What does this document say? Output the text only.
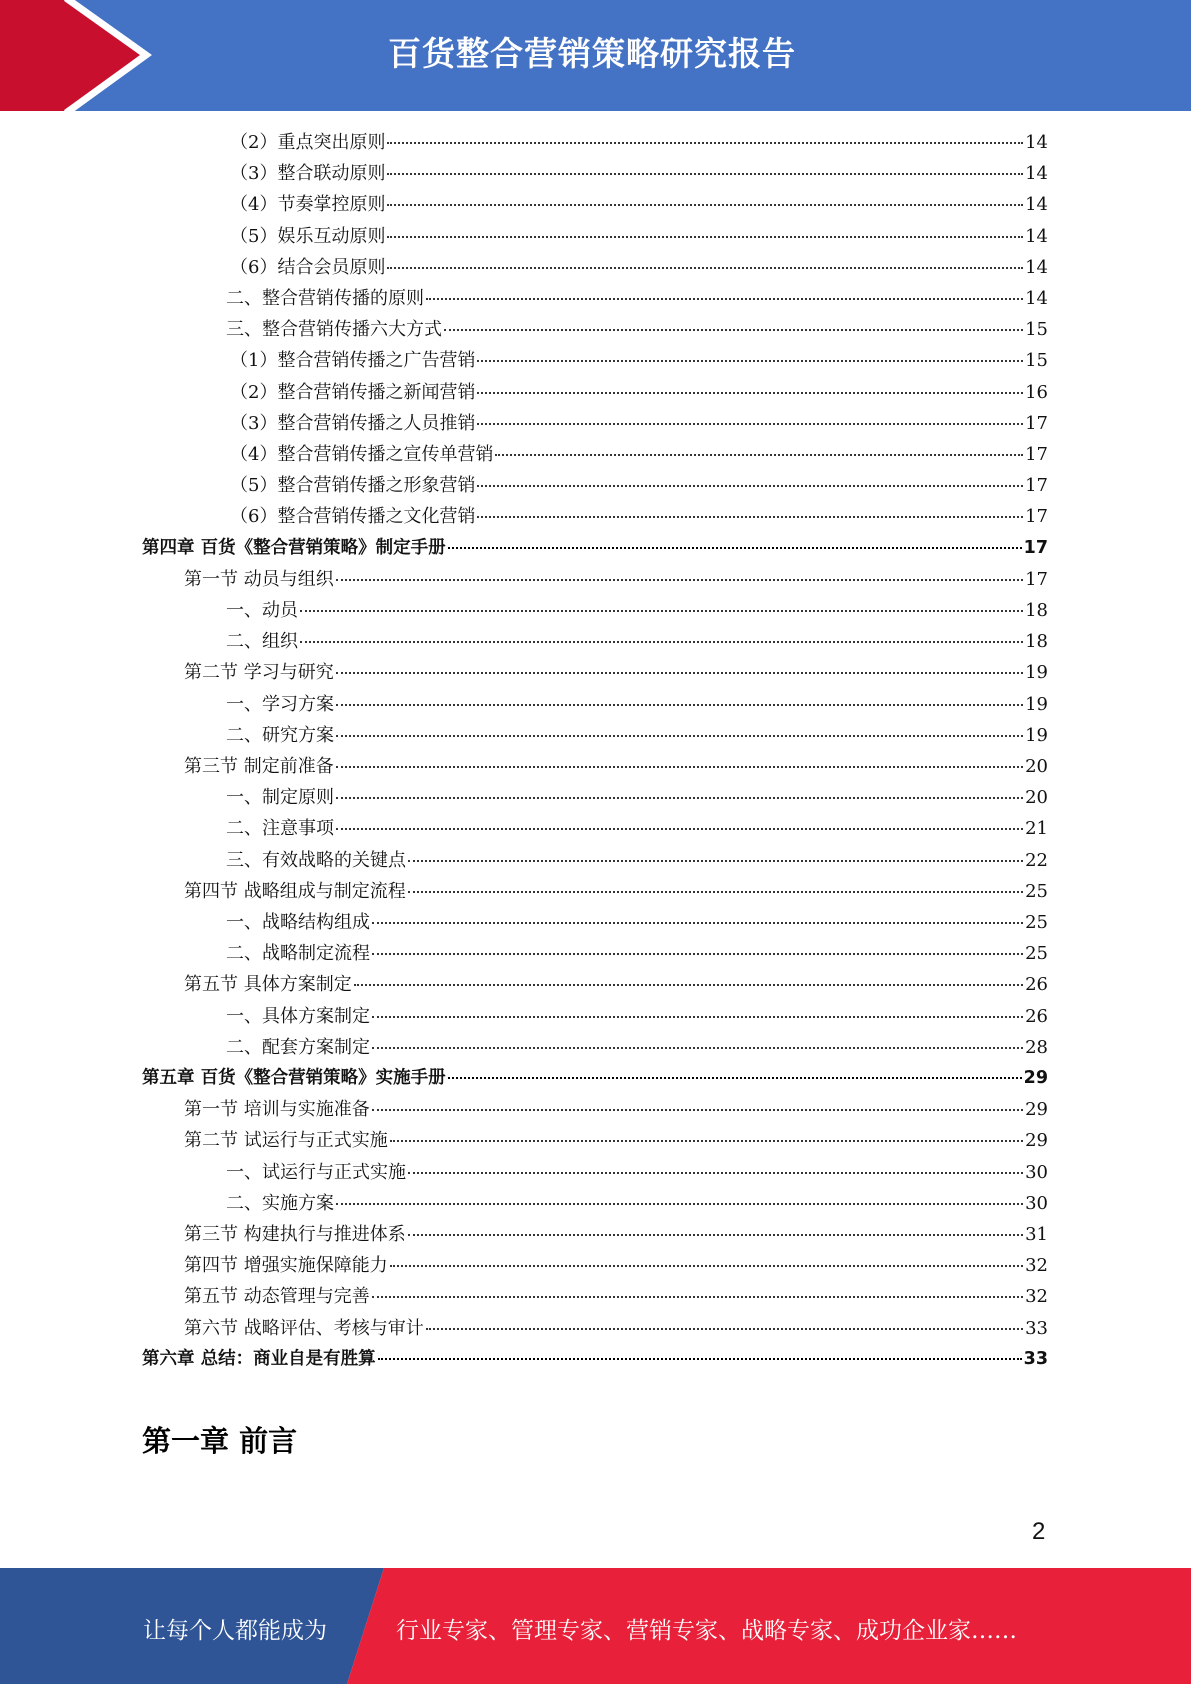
百货整合营销策略研究报告
（2）重点突出原则	14
（3）整合联动原则	14
（4）节奏掌控原则	14
（5）娱乐互动原则	14
（6）结合会员原则	14
二、整合营销传播的原则	14
三、整合营销传播六大方式	15
（1）整合营销传播之广告营销	15
（2）整合营销传播之新闻营销	16
（3）整合营销传播之人员推销	17
（4）整合营销传播之宣传单营销	17
（5）整合营销传播之形象营销	17
（6）整合营销传播之文化营销	17
第四章 百货《整合营销策略》制定手册	17
第一节 动员与组织	17
一、动员	18
二、组织	18
第二节 学习与研究	19
一、学习方案	19
二、研究方案	19
第三节 制定前准备	20
一、制定原则	20
二、注意事项	21
三、有效战略的关键点	22
第四节 战略组成与制定流程	25
一、战略结构组成	25
二、战略制定流程	25
第五节 具体方案制定	26
一、具体方案制定	26
二、配套方案制定	28
第五章 百货《整合营销策略》实施手册	29
第一节 培训与实施准备	29
第二节 试运行与正式实施	29
一、试运行与正式实施	30
二、实施方案	30
第三节 构建执行与推进体系	31
第四节 增强实施保障能力	32
第五节 动态管理与完善	32
第六节 战略评估、考核与审计	33
第六章 总结：商业自是有胜算	33
第一章 前言
2
让每个人都能成为	行业专家、管理专家、营销专家、战略专家、成功企业家……
